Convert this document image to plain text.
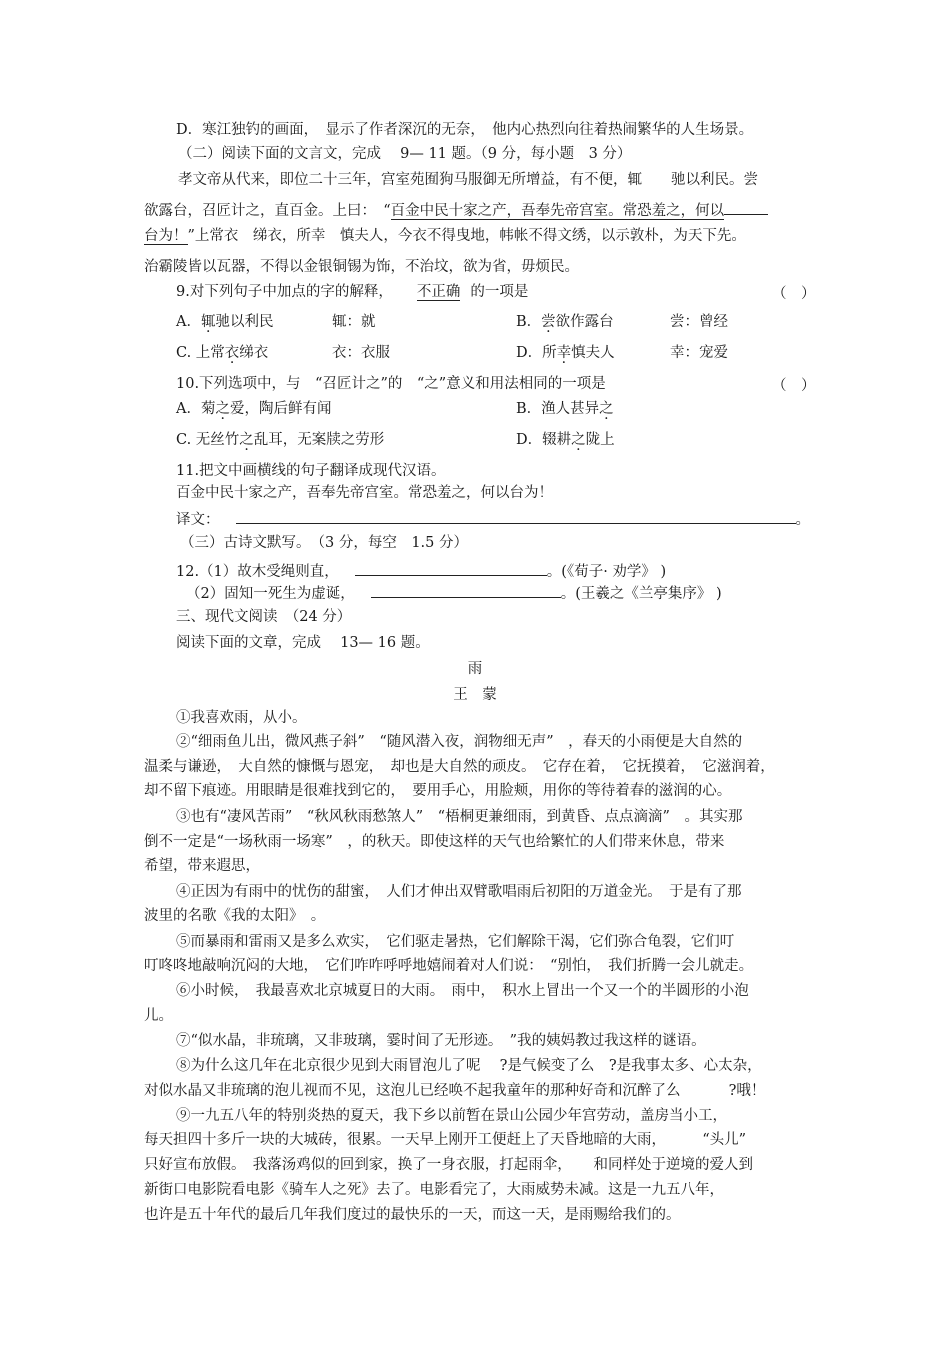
D．寒江独钓的画面，　显示了作者深沉的无奈，　他内心热烈向往着热闹繁华的人生场景。
（二）阅读下面的文言文，完成　 9— 11 题。（9 分，每小题　3 分）
孝文帝从代来，即位二十三年，宫室苑囿狗马服御无所增益，有不便，辄　　驰以利民。尝
欲露台，召匠计之，直百金。上曰：　“百金中民十家之产，吾奉先帝宫室。常恐羞之，何以
台为！”上常衣　绨衣，所幸　慎夫人，今衣不得曳地，帏帐不得文绣，以示敦朴，为天下先。
治霸陵皆以瓦器，不得以金银铜锡为饰，不治坟，欲为省，毋烦民。
9.对下列句子中加点的字的解释， 不正确 的一项是	（　）
A．辄驰以利民	辄：就	B．尝欲作露台	尝：曾经
C. 上常衣绨衣	衣：衣服	D．所幸慎夫人	幸：宠爱
10.下列选项中，与　“召匠计之”的　“之”意义和用法相同的一项是	（　）
A．菊之爱，陶后鲜有闻	B．渔人甚异之
C. 无丝竹之乱耳，无案牍之劳形	D．辍耕之陇上
11.把文中画横线的句子翻译成现代汉语。
百金中民十家之产，吾奉先帝宫室。常恐羞之，何以台为！
译文：	。
（三）古诗文默写。　（3 分，每空　1.5 分）
12.（1）故木受绳则直，	。(《荀子· 劝学》 )
（2）固知一死生为虚诞，	。(王羲之《兰亭集序》 )
三、现代文阅读　（24 分）
阅读下面的文章，完成　 13— 16 题。
雨
王　蒙
①我喜欢雨，从小。
②“细雨鱼儿出，微风燕子斜”　“随风潜入夜，润物细无声”　，春天的小雨便是大自然的
温柔与谦逊，　大自然的慷慨与恩宠，　却也是大自然的顽皮。　它存在着，　它抚摸着，　它滋润着，
却不留下痕迹。用眼睛是很难找到它的，　要用手心，用脸颊，用你的等待着春的滋润的心。
③也有“凄风苦雨”　“秋风秋雨愁煞人”　“梧桐更兼细雨，到黄昏、点点滴滴”　。其实那
倒不一定是“一场秋雨一场寒”　，的秋天。即使这样的天气也给繁忙的人们带来休息，带来
希望，带来遐思，
④正因为有雨中的忧伤的甜蜜，　人们才伸出双臂歌唱雨后初阳的万道金光。　于是有了那
波里的名歌《我的太阳》　。
⑤而暴雨和雷雨又是多么欢实，　它们驱走暑热，它们解除干渴，它们弥合龟裂，它们叮
叮咚咚地敲响沉闷的大地，　它们咋咋呼呼地嬉闹着对人们说：　“别怕，　我们折腾一会儿就走。
⑥小时候，　我最喜欢北京城夏日的大雨。　雨中，　积水上冒出一个又一个的半圆形的小泡
儿。
⑦“似水晶，非琉璃，又非玻璃，霎时间了无形迹。　”我的姨妈教过我这样的谜语。
⑧为什么这几年在北京很少见到大雨冒泡儿了呢　 ?是气候变了么　?是我事太多、心太杂，
对似水晶又非琉璃的泡儿视而不见，这泡儿已经唤不起我童年的那种好奇和沉醉了么　　　 ?哦！
⑨一九五八年的特别炎热的夏天，我下乡以前暂在景山公园少年宫劳动，盖房当小工，
每天担四十多斤一块的大城砖，很累。一天早上刚开工便赶上了天昏地暗的大雨，　　　“头儿”
只好宣布放假。　我落汤鸡似的回到家，换了一身衣服，打起雨伞，　　和同样处于逆境的爱人到
新街口电影院看电影《骑车人之死》去了。电影看完了，大雨威势未减。这是一九五八年，
也许是五十年代的最后几年我们度过的最快乐的一天，而这一天，是雨赐给我们的。
